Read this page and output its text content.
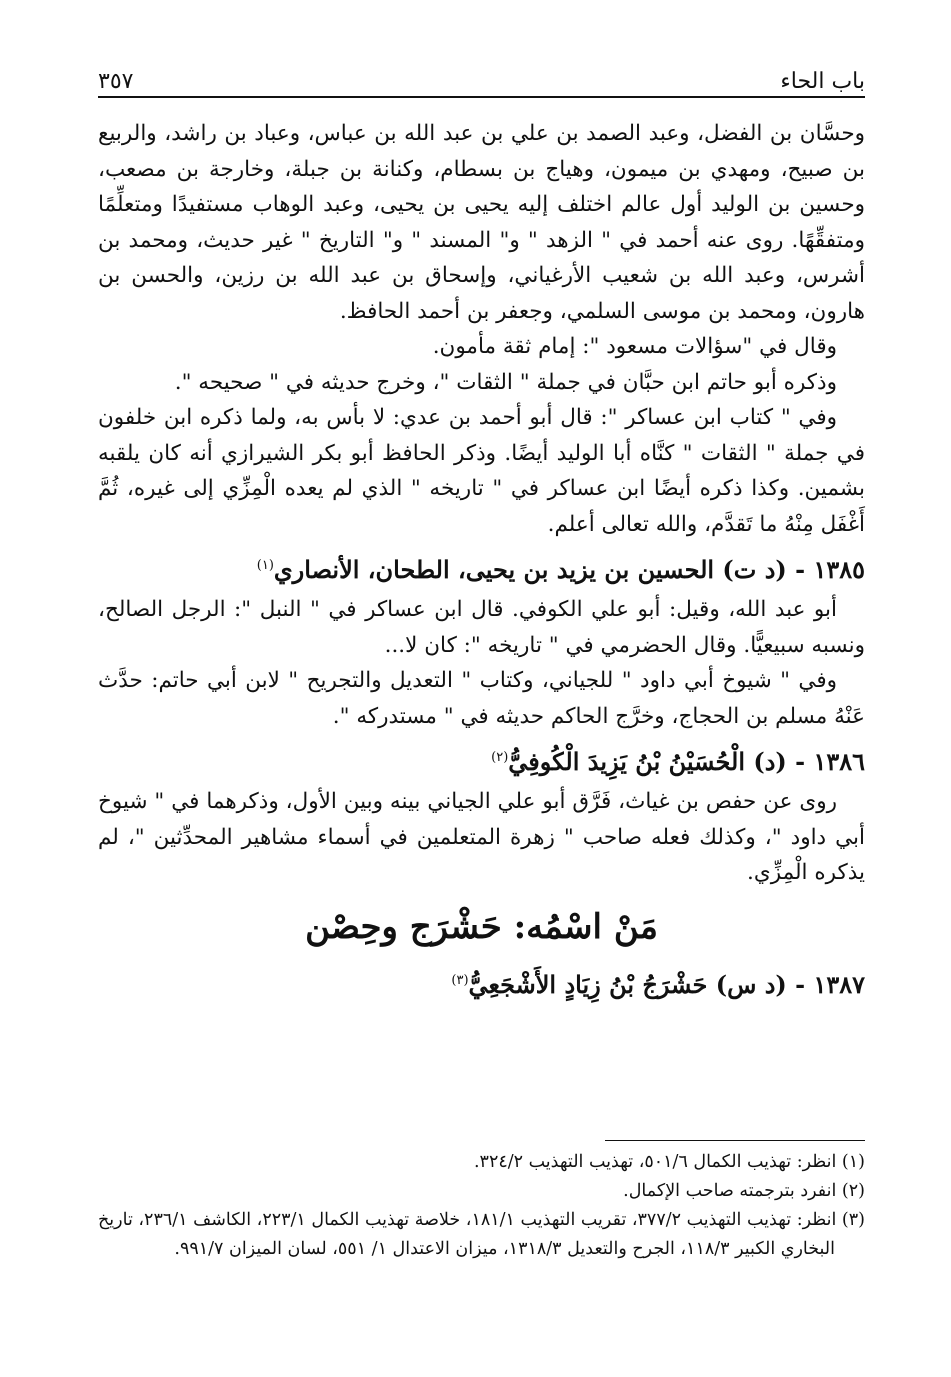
باب الحاء
٣٥٧

وحسَّان بن الفضل، وعبد الصمد بن علي بن عبد الله بن عباس، وعباد بن راشد، والربيع بن صبيح، ومهدي بن ميمون، وهياج بن بسطام، وكنانة بن جبلة، وخارجة بن مصعب، وحسين بن الوليد أول عالم اختلف إليه يحيى بن يحيى، وعبد الوهاب مستفيدًا ومتعلِّمًا ومتفقِّهًا. روى عنه أحمد في " الزهد " و" المسند " و" التاريخ " غير حديث، ومحمد بن أشرس، وعبد الله بن شعيب الأرغياني، وإسحاق بن عبد الله بن رزين، والحسن بن هارون، ومحمد بن موسى السلمي، وجعفر بن أحمد الحافظ.

وقال في "سؤالات مسعود ": إمام ثقة مأمون.

وذكره أبو حاتم ابن حبَّان في جملة " الثقات "، وخرج حديثه في " صحيحه ".

وفي " كتاب ابن عساكر ": قال أبو أحمد بن عدي: لا بأس به، ولما ذكره ابن خلفون في جملة " الثقات " كنَّاه أبا الوليد أيضًا. وذكر الحافظ أبو بكر الشيرازي أنه كان يلقبه بشمين. وكذا ذكره أيضًا ابن عساكر في " تاريخه " الذي لم يعده الْمِزِّي إلى غيره، ثُمَّ أَغْفَل مِنْهُ ما تَقدَّم، والله تعالى أعلم.

١٣٨٥ - (د ت) الحسين بن يزيد بن يحيى، الطحان، الأنصاري$^{(١)}$

أبو عبد الله، وقيل: أبو علي الكوفي. قال ابن عساكر في " النبل ": الرجل الصالح، ونسبه سبيعيًّا. وقال الحضرمي في " تاريخه ": كان لا...

وفي " شيوخ أبي داود " للجياني، وكتاب " التعديل والتجريح " لابن أبي حاتم: حدَّث عَنْهُ مسلم بن الحجاج، وخرَّج الحاكم حديثه في " مستدركه ".

١٣٨٦ - (د) الْحُسَيْنُ بْنُ يَزِيدَ الْكُوفِيُّ$^{(٢)}$

روى عن حفص بن غياث، فَرَّق أبو علي الجياني بينه وبين الأول، وذكرهما في " شيوخ أبي داود "، وكذلك فعله صاحب " زهرة المتعلمين في أسماء مشاهير المحدِّثين "، لم يذكره الْمِزِّي.

مَنْ اسْمُه: حَشْرَج وحِصْن
١٣٨٧ - (د س) حَشْرَجُ بْنُ زِيَادٍ الأَشْجَعِيُّ$^{(٣)}$

(١) انظر: تهذيب الكمال ٥٠١/٦، تهذيب التهذيب ٣٢٤/٢.

(٢) انفرد بترجمته صاحب الإكمال.

(٣) انظر: تهذيب التهذيب ٣٧٧/٢، تقريب التهذيب ١٨١/١، خلاصة تهذيب الكمال ٢٢٣/١، الكاشف ٢٣٦/١، تاريخ البخاري الكبير ١١٨/٣، الجرح والتعديل ١٣١٨/٣، ميزان الاعتدال ١/ ٥٥١، لسان الميزان ٩٩١/٧.
